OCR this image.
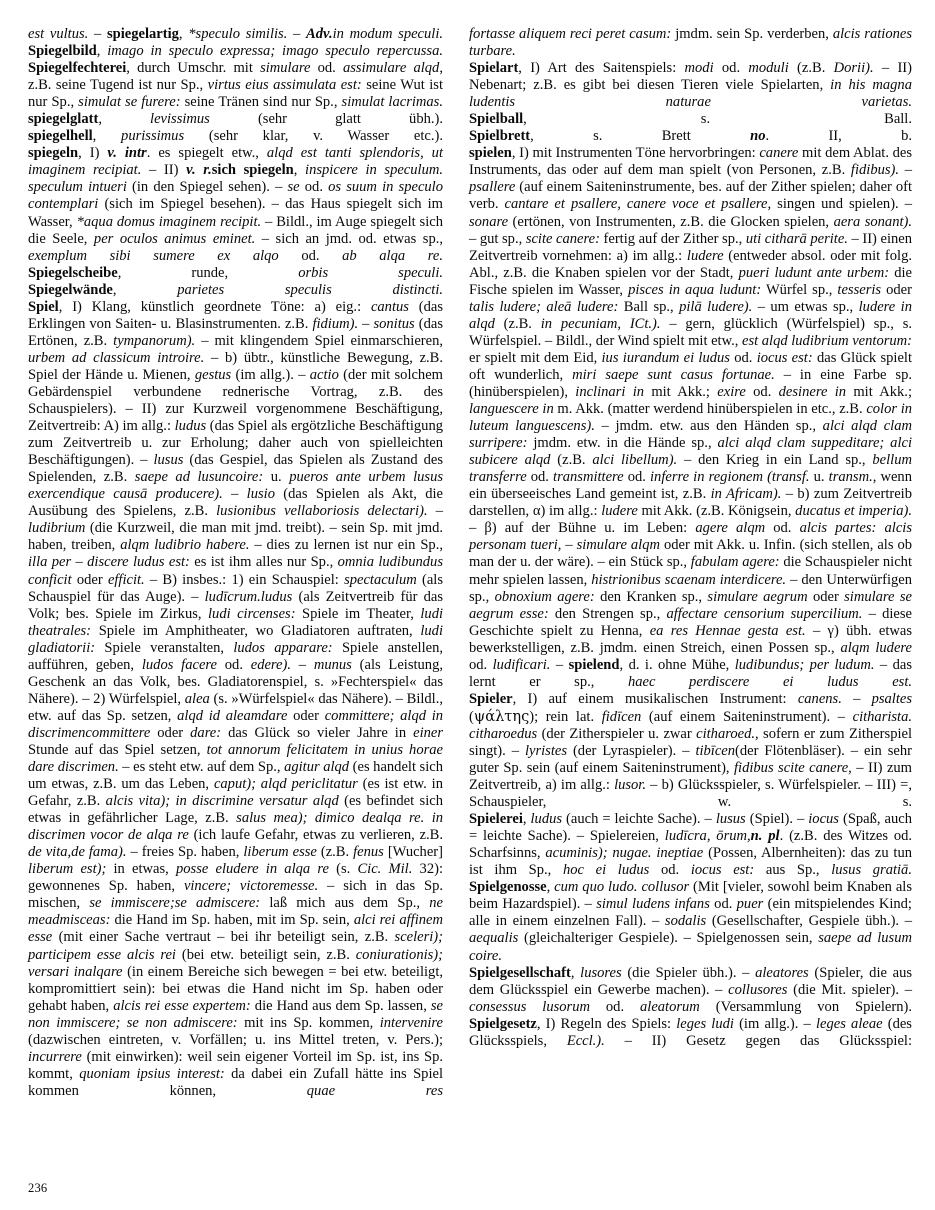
est vultus. – spiegelartig, *speculo similis. – Adv.in modum speculi.

Spiegelbild, imago in speculo expressa; imago speculo repercussa.

Spiegelfechterei, durch Umschr. mit simulare od. assimulare alqd, z.B. seine Tugend ist nur Sp., virtus eius assimulata est: seine Wut ist nur Sp., simulat se furere: seine Tränen sind nur Sp., simulat lacrimas.

spiegelglatt, levissimus (sehr glatt übh.).

spiegelhell, purissimus (sehr klar, v. Wasser etc.).

spiegeln, I) v. intr. es spiegelt etw., alqd est tanti splendoris, ut imaginem recipiat. – II) v. r.sich spiegeln, inspicere in speculum. speculum intueri (in den Spiegel sehen). – se od. os suum in speculo contemplari (sich im Spiegel besehen). – das Haus spiegelt sich im Wasser, *aqua domus imaginem recipit. – Bildl., im Auge spiegelt sich die Seele, per oculos animus eminet. – sich an jmd. od. etwas sp., exemplum sibi sumere ex alqo od. ab alqa re.

Spiegelscheibe, runde, orbis speculi.

Spiegelwände, parietes speculis distincti.

Spiel, I) Klang, künstlich geordnete Töne: a) eig.: cantus (das Erklingen von Saiten- u. Blasinstrumenten. z.B. fidium). – sonitus (das Ertönen, z.B. tympanorum). – mit klingendem Spiel einmarschieren, urbem ad classicum introire. – b) übtr., künstliche Bewegung, z.B. Spiel der Hände u. Mienen, gestus (im allg.). – actio (der mit solchem Gebärdenspiel verbundene rednerische Vortrag, z.B. des Schauspielers). – II) zur Kurzweil vorgenommene Beschäftigung, Zeitvertreib: A) im allg.: ludus (das Spiel als ergötzliche Beschäftigung zum Zeitvertreib u. zur Erholung; daher auch von spielleichten Beschäftigungen). – lusus (das Gespiel, das Spielen als Zustand des Spielenden, z.B. saepe ad lusuncoire: u. pueros ante urbem lusus exercendique causā producere). – lusio (das Spielen als Akt, die Ausübung des Spielens, z.B. lusionibus vellaboriosis delectari). – ludibrium (die Kurzweil, die man mit jmd. treibt). – sein Sp. mit jmd. haben, treiben, alqm ludibrio habere. – dies zu lernen ist nur ein Sp., illa per – discere ludus est: es ist ihm alles nur Sp., omnia ludibundus conficit oder efficit. – B) insbes.: 1) ein Schauspiel: spectaculum (als Schauspiel für das Auge). – ludīcrum.ludus (als Zeitvertreib für das Volk; bes. Spiele im Zirkus, ludi circenses: Spiele im Theater, ludi theatrales: Spiele im Amphitheater, wo Gladiatoren auftraten, ludi gladiatorii: Spiele veranstalten, ludos apparare: Spiele anstellen, aufführen, geben, ludos facere od. edere). – munus (als Leistung, Geschenk an das Volk, bes. Gladiatorenspiel, s. »Fechterspiel« das Nähere). – 2) Würfelspiel, alea (s. »Würfelspiel« das Nähere). – Bildl., etw. auf das Sp. setzen, alqd id aleamdare oder committere; alqd in discrimencommittere oder dare: das Glück so vieler Jahre in einer Stunde auf das Spiel setzen, tot annorum felicitatem in unius horae dare discrimen. – es steht etw. auf dem Sp., agitur alqd (es handelt sich um etwas, z.B. um das Leben, caput); alqd periclitatur (es ist etw. in Gefahr, z.B. alcis vita); in discrimine versatur alqd (es befindet sich etwas in gefährlicher Lage, z.B. salus mea); dimico dealqa re. in discrimen vocor de alqa re (ich laufe Gefahr, etwas zu verlieren, z.B. de vita,de fama). – freies Sp. haben, liberum esse (z.B. fenus [Wucher] liberum est); in etwas, posse eludere in alqa re (s. Cic. Mil. 32): gewonnenes Sp. haben, vincere; victoremesse. – sich in das Sp. mischen, se immiscere;se admiscere: laß mich aus dem Sp., ne meadmisceas: die Hand im Sp. haben, mit im Sp. sein, alci rei affinem esse (mit einer Sache vertraut – bei ihr beteiligt sein, z.B. sceleri); participem esse alcis rei (bei etw. beteiligt sein, z.B. coniurationis); versari inalqare (in einem Bereiche sich bewegen = bei etw. beteiligt, kompromittiert sein): bei etwas die Hand nicht im Sp. haben oder gehabt haben, alcis rei esse expertem: die Hand aus dem Sp. lassen, se non immiscere; se non admiscere: mit ins Sp. kommen, intervenire (dazwischen eintreten, v. Vorfällen; u. ins Mittel treten, v. Pers.); incurrere (mit einwirken): weil sein eigener Vorteil im Sp. ist, ins Sp. kommt, quoniam ipsius interest: da dabei ein Zufall hätte ins Spiel kommen können, quae res

fortasse aliquem reci peret casum: jmdm. sein Sp. verderben, alcis rationes turbare.

Spielart, I) Art des Saitenspiels: modi od. moduli (z.B. Dorii). – II) Nebenart; z.B. es gibt bei diesen Tieren viele Spielarten, in his magna ludentis naturae varietas.

Spielball, s. Ball.

Spielbrett, s. Brett no. II, b.

spielen, I) mit Instrumenten Töne hervorbringen: canere mit dem Ablat. des Instruments, das oder auf dem man spielt (von Personen, z.B. fidibus). – psallere (auf einem Saiteninstrumente, bes. auf der Zither spielen; daher oft verb. cantare et psallere, canere voce et psallere, singen und spielen). – sonare (ertönen, von Instrumenten, z.B. die Glocken spielen, aera sonant). – gut sp., scite canere: fertig auf der Zither sp., uti citharā perite. – II) einen Zeitvertreib vornehmen: a) im allg.: ludere (entweder absol. oder mit folg. Abl., z.B. die Knaben spielen vor der Stadt, pueri ludunt ante urbem: die Fische spielen im Wasser, pisces in aqua ludunt: Würfel sp., tesseris oder talis ludere; aleā ludere: Ball sp., pilā ludere). – um etwas sp., ludere in alqd (z.B. in pecuniam, ICt.). – gern, glücklich (Würfelspiel) sp., s. Würfelspiel. – Bildl., der Wind spielt mit etw., est alqd ludibrium ventorum: er spielt mit dem Eid, ius iurandum ei ludus od. iocus est: das Glück spielt oft wunderlich, miri saepe sunt casus fortunae. – in eine Farbe sp. (hinüberspielen), inclinari in mit Akk.; exire od. desinere in mit Akk.; languescere in m. Akk. (matter werdend hinüberspielen in etc., z.B. color in luteum languescens). – jmdm. etw. aus den Händen sp., alci alqd clam surripere: jmdm. etw. in die Hände sp., alci alqd clam suppeditare; alci subicere alqd (z.B. alci libellum). – den Krieg in ein Land sp., bellum transferre od. transmittere od. inferre in regionem (transf. u. transm., wenn ein überseeisches Land gemeint ist, z.B. in Africam). – b) zum Zeitvertreib darstellen, α) im allg.: ludere mit Akk. (z.B. Königsein, ducatus et imperia). – β) auf der Bühne u. im Leben: agere alqm od. alcis partes: alcis personam tueri, – simulare alqm oder mit Akk. u. Infin. (sich stellen, als ob man der u. der wäre). – ein Stück sp., fabulam agere: die Schauspieler nicht mehr spielen lassen, histrionibus scaenam interdicere. – den Unterwürfigen sp., obnoxium agere: den Kranken sp., simulare aegrum oder simulare se aegrum esse: den Strengen sp., affectare censorium supercilium. – diese Geschichte spielt zu Henna, ea res Hennae gesta est. – γ) übh. etwas bewerkstelligen, z.B. jmdm. einen Streich, einen Possen sp., alqm ludere od. ludificari. – spielend, d. i. ohne Mühe, ludibundus; per ludum. – das lernt er sp., haec perdiscere ei ludus est.

Spieler, I) auf einem musikalischen Instrument: canens. – psaltes (ψάλτης); rein lat. fidīcen (auf einem Saiteninstrument). – citharista. citharoedus (der Zitherspieler u. zwar citharoed., sofern er zum Zitherspiel singt). – lyristes (der Lyraspieler). – tibīcen(der Flötenbläser). – ein sehr guter Sp. sein (auf einem Saiteninstrument), fidibus scite canere, – II) zum Zeitvertreib, a) im allg.: lusor. – b) Glücksspieler, s. Würfelspieler. – III) =, Schauspieler, w. s.

Spielerei, ludus (auch = leichte Sache). – lusus (Spiel). – iocus (Spaß, auch = leichte Sache). – Spielereien, ludīcra, ōrum,n. pl. (z.B. des Witzes od. Scharfsinns, acuminis); nugae. ineptiae (Possen, Albernheiten): das zu tun ist ihm Sp., hoc ei ludus od. iocus est: aus Sp., lusus gratiā.

Spielgenosse, cum quo ludo. collusor (Mit [vieler, sowohl beim Knaben als beim Hazardspiel). – simul ludens infans od. puer (ein mitspielendes Kind; alle in einem einzelnen Fall). – sodalis (Gesellschafter, Gespiele übh.). – aequalis (gleichalteriger Gespiele). – Spielgenossen sein, saepe ad lusum coire.

Spielgesellschaft, lusores (die Spieler übh.). – aleatores (Spieler, die aus dem Glücksspiel ein Gewerbe machen). – collusores (die Mit. spieler). – consessus lusorum od. aleatorum (Versammlung von Spielern).

Spielgesetz, I) Regeln des Spiels: leges ludi (im allg.). – leges aleae (des Glücksspiels, Eccl.). – II) Gesetz gegen das Glücksspiel:

236
